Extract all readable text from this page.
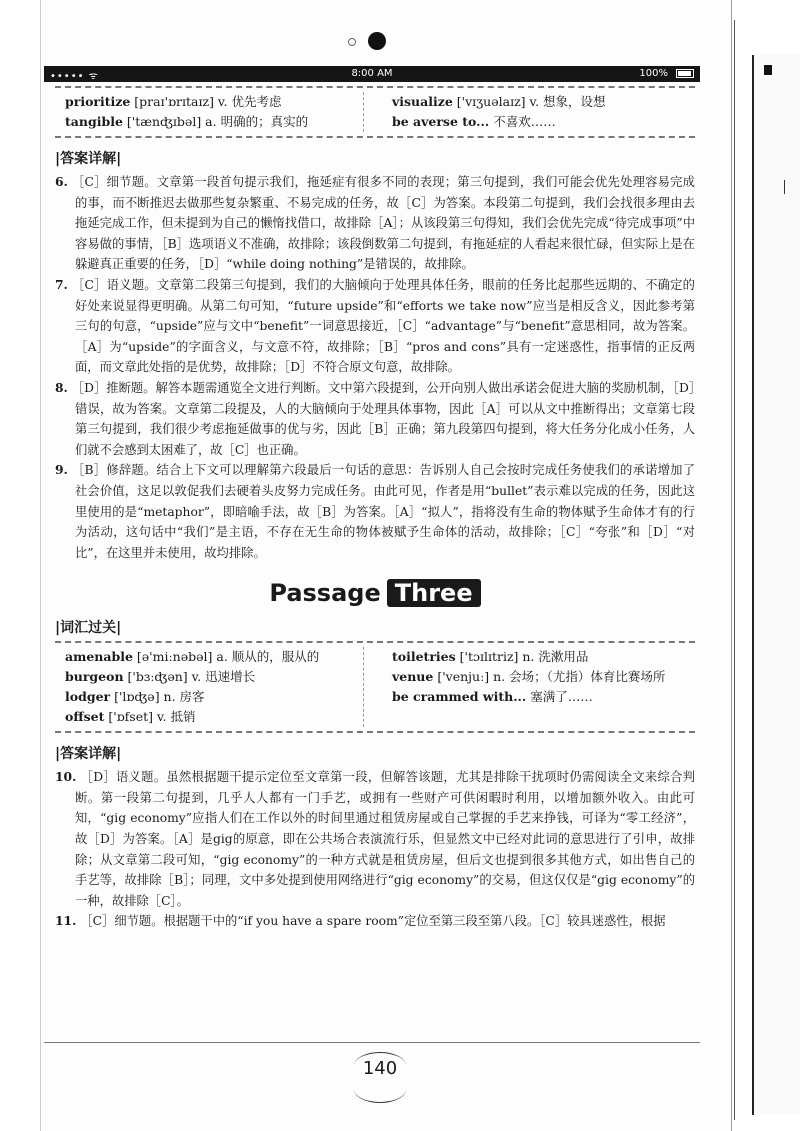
••••• ᯤ	8:00 AM	100%
prioritize [praɪ'ɒrɪtaɪz] v. 优先考虑
tangible ['tænʤɪbəl] a. 明确的；真实的
visualize ['vɪʒuəlaɪz] v. 想象，设想
be averse to... 不喜欢……
|答案详解|

6. ［C］细节题。文章第一段首句提示我们，拖延症有很多不同的表现；第三句提到，我们可能会优先处理容易完成的事，而不断推迟去做那些复杂繁重、不易完成的任务，故［C］为答案。本段第二句提到，我们会找很多理由去拖延完成工作，但未提到为自己的懒惰找借口，故排除［A］；从该段第三句得知，我们会优先完成“待完成事项”中容易做的事情，［B］选项语义不准确，故排除；该段倒数第二句提到，有拖延症的人看起来很忙碌，但实际上是在躲避真正重要的任务，［D］“while doing nothing”是错误的，故排除。

7. ［C］语义题。文章第二段第三句提到，我们的大脑倾向于处理具体任务，眼前的任务比起那些远期的、不确定的好处来说显得更明确。从第二句可知，“future upside”和“efforts we take now”应当是相反含义，因此参考第三句的句意，“upside”应与文中“benefit”一词意思接近，［C］“advantage”与“benefit”意思相同，故为答案。［A］为“upside”的字面含义，与文意不符，故排除；［B］“pros and cons”具有一定迷惑性，指事情的正反两面，而文章此处指的是优势，故排除；［D］不符合原文句意，故排除。

8. ［D］推断题。解答本题需通览全文进行判断。文中第六段提到，公开向别人做出承诺会促进大脑的奖励机制，［D］错误，故为答案。文章第二段提及，人的大脑倾向于处理具体事物，因此［A］可以从文中推断得出；文章第七段第三句提到，我们很少考虑拖延做事的优与劣，因此［B］正确；第九段第四句提到，将大任务分化成小任务，人们就不会感到太困难了，故［C］也正确。

9. ［B］修辞题。结合上下文可以理解第六段最后一句话的意思：告诉别人自己会按时完成任务使我们的承诺增加了社会价值，这足以敦促我们去硬着头皮努力完成任务。由此可见，作者是用“bullet”表示难以完成的任务，因此这里使用的是“metaphor”，即暗喻手法，故［B］为答案。［A］“拟人”，指将没有生命的物体赋予生命体才有的行为活动，这句话中“我们”是主语，不存在无生命的物体被赋予生命体的活动，故排除；［C］“夸张”和［D］“对比”，在这里并未使用，故均排除。

Passage Three
|词汇过关|
amenable [ə'miːnəbəl] a. 顺从的，服从的
burgeon ['bɜːʤən] v. 迅速增长
lodger ['lɒʤə] n. 房客
offset ['ɒfset] v. 抵销
toiletries ['tɔɪlɪtriz] n. 洗漱用品
venue ['venjuː] n. 会场；（尤指）体育比赛场所
be crammed with... 塞满了……
|答案详解|

10. ［D］语义题。虽然根据题干提示定位至文章第一段，但解答该题，尤其是排除干扰项时仍需阅读全文来综合判断。第一段第二句提到，几乎人人都有一门手艺，或拥有一些财产可供闲暇时利用，以增加额外收入。由此可知，“gig economy”应指人们在工作以外的时间里通过租赁房屋或自己掌握的手艺来挣钱，可译为“零工经济”，故［D］为答案。［A］是gig的原意，即在公共场合表演流行乐，但显然文中已经对此词的意思进行了引申，故排除；从文章第二段可知，“gig economy”的一种方式就是租赁房屋，但后文也提到很多其他方式，如出售自己的手艺等，故排除［B］；同理，文中多处提到使用网络进行“gig economy”的交易，但这仅仅是“gig economy”的一种，故排除［C］。

11. ［C］细节题。根据题干中的“if you have a spare room”定位至第三段至第八段。［C］较具迷惑性，根据

140
